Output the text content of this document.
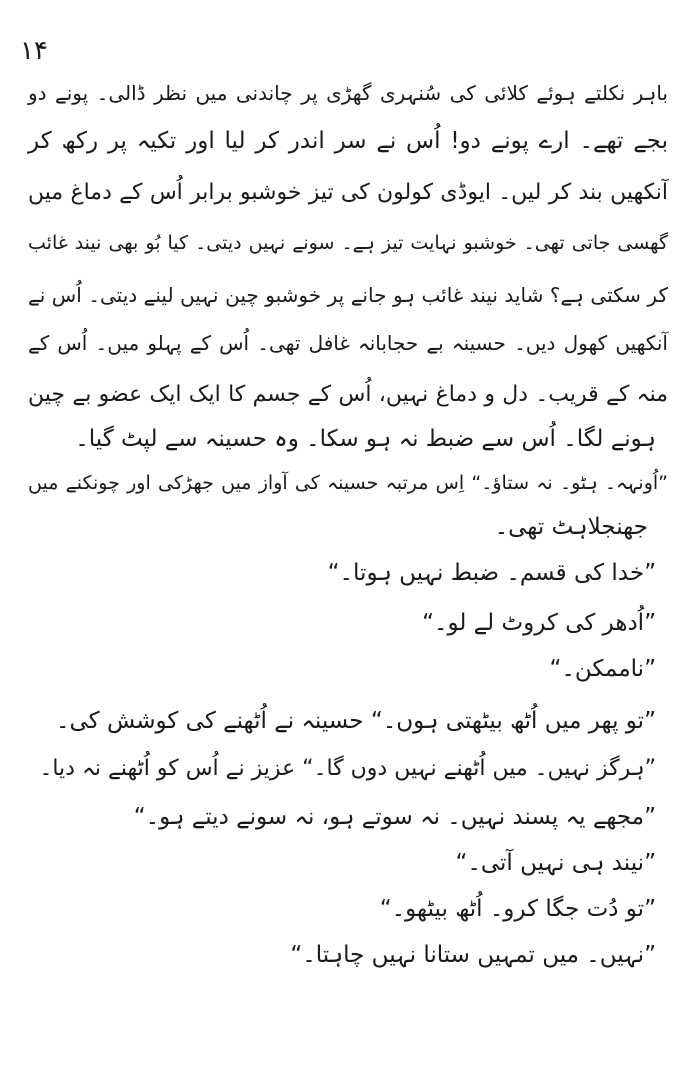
۱۴
باہر نکلتے ہوئے کلائی کی سُنہری گھڑی پر چاندنی میں نظر ڈالی۔ پونے دو
بجے تھے۔ ارے پونے دو! اُس نے سر اندر کر لیا اور تکیہ پر رکھ کر
آنکھیں بند کر لیں۔ ایوڈی کولون کی تیز خوشبو برابر اُس کے دماغ میں
گھسی جاتی تھی۔ خوشبو نہایت تیز ہے۔ سونے نہیں دیتی۔ کیا بُو بھی نیند غائب
کر سکتی ہے؟ شاید نیند غائب ہو جانے پر خوشبو چین نہیں لینے دیتی۔ اُس نے
آنکھیں کھول دیں۔ حسینہ بے حجابانہ غافل تھی۔ اُس کے پہلو میں۔ اُس کے
منہ کے قریب۔ دل و دماغ نہیں، اُس کے جسم کا ایک ایک عضو بے چین
ہونے لگا۔ اُس سے ضبط نہ ہو سکا۔ وہ حسینہ سے لپٹ گیا۔
”اُونہہ۔ ہٹو۔ نہ ستاؤ۔“ اِس مرتبہ حسینہ کی آواز میں جھڑکی اور چونکنے میں
جھنجلاہٹ تھی۔
”خدا کی قسم۔ ضبط نہیں ہوتا۔“
”اُدھر کی کروٹ لے لو۔“
”ناممکن۔“
”تو پھر میں اُٹھ بیٹھتی ہوں۔“ حسینہ نے اُٹھنے کی کوشش کی۔
”ہرگز نہیں۔ میں اُٹھنے نہیں دوں گا۔“ عزیز نے اُس کو اُٹھنے نہ دیا۔
”مجھے یہ پسند نہیں۔ نہ سوتے ہو، نہ سونے دیتے ہو۔“
”نیند ہی نہیں آتی۔“
”تو دُت جگا کرو۔ اُٹھ بیٹھو۔“
”نہیں۔ میں تمہیں ستانا نہیں چاہتا۔“
